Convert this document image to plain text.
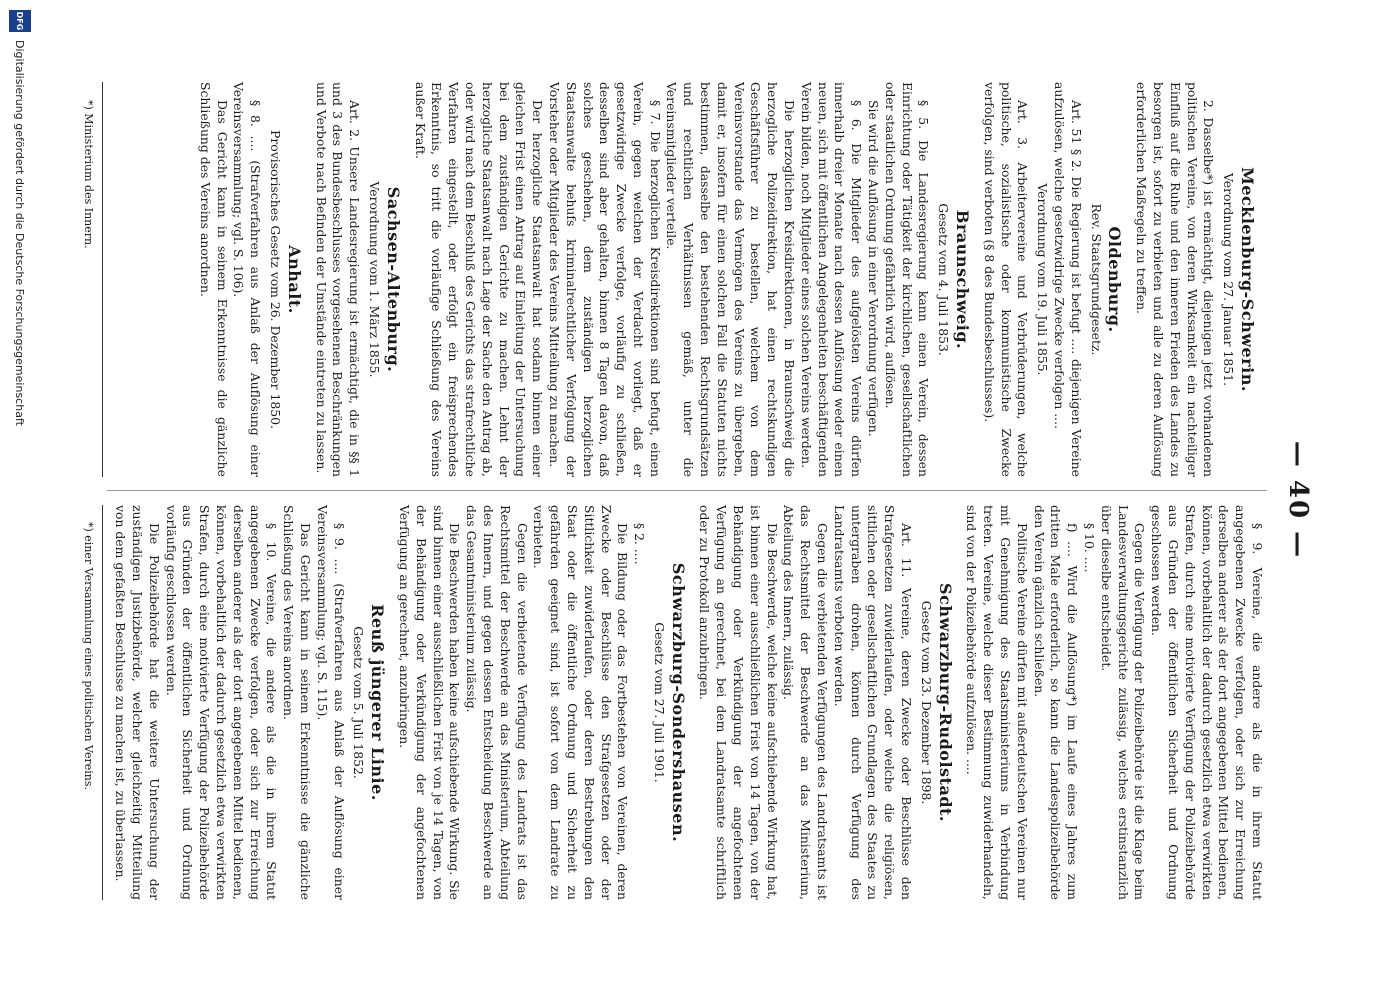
— 40 —
Mecklenburg-Schwerin.
Verordnung vom 27. Januar 1851.
2. Dasselbe*) ist ermächtigt, diejenigen jetzt vorhandenen politischen Vereine, von deren Wirksamkeit ein nachteiliger Einfluß auf die Ruhe und den inneren Frieden des Landes zu besorgen ist, sofort zu verbieten und alle zu deren Auflösung erforderlichen Maßregeln zu treffen.
Oldenburg.
Rev. Staatsgrundgesetz.
Art. 51 § 2. Die Regierung ist befugt .... diejenigen Vereine aufzulösen, welche gesetzwidrige Zwecke verfolgen ....
Verordnung vom 19. Juli 1855.
Art. 3. Arbeitervereine und Verbrüderungen, welche politische, sozialistische oder kommunistische Zwecke verfolgen, sind verboten (§ 8 des Bundesbeschlusses).
Braunschweig.
Gesetz vom 4. Juli 1853.
§ 5. Die Landesregierung kann einen Verein, dessen Einrichtung oder Tätigkeit der kirchlichen, gesellschaftlichen oder staatlichen Ordnung gefährlich wird, auflösen.
Sie wird die Auflösung in einer Verordnung verfügen.
§ 6. Die Mitglieder des aufgelösten Vereins dürfen innerhalb dreier Monate nach dessen Auflösung weder einen neuen, sich mit öffentlichen Angelegenheiten beschäftigenden Verein bilden, noch Mitglieder eines solchen Vereins werden.
Die herzoglichen Kreisdirektionen, in Braunschweig die herzogliche Polizeidirektion, hat einen rechtskundigen Geschäftsführer zu bestellen, welchem von dem Vereinsvorstande das Vermögen des Vereins zu übergeben, damit er, insofern für einen solchen Fall die Statuten nichts bestimmen, dasselbe den bestehenden Rechtsgrundsätzen und rechtlichen Verhältnissen gemäß, unter die Vereinsmitglieder verteile.
§ 7. Die herzoglichen Kreisdirektionen sind befugt, einen Verein, gegen welchen der Verdacht vorliegt, daß er gesetzwidrige Zwecke verfolge, vorläufig zu schließen, desselben sind aber gehalten, binnen 8 Tagen davon, daß solches geschehen, dem zuständigen herzoglichen Staatsanwalte behufs kriminalrechtlicher Verfolgung der Vorsteher oder Mitglieder des Vereins Mitteilung zu machen.
Der herzogliche Staatsanwalt hat sodann binnen einer gleichen Frist einen Antrag auf Einleitung der Untersuchung bei dem zuständigen Gerichte zu machen. Lehnt der herzogliche Staatsanwalt nach Lage der Sache den Antrag ab, oder wird nach dem Beschluß des Gerichts das strafrechtliche Verfahren eingestellt, oder erfolgt ein freisprechendes Erkenntnis, so tritt die vorläufige Schließung des Vereins außer Kraft.
Sachsen-Altenburg.
Verordnung vom 1. März 1855.
Art. 2. Unsere Landesregierung ist ermächtigt, die in §§ 1 und 3 des Bundesbeschlusses vorgesehenen Beschränkungen und Verbote nach Befinden der Umstände eintreten zu lassen.
Anhalt.
Provisorisches Gesetz vom 26. Dezember 1850.
§ 8. .... (Strafverfahren aus Anlaß der Auflösung einer Vereinsversammlung; vgl. S. 106).
Das Gericht kann in seinem Erkenntnisse die gänzliche Schließung des Vereins anordnen.
§ 9. Vereine, die andere als die in ihrem Statut angegebenen Zwecke verfolgen, oder sich zur Erreichung derselben anderer als der dort angegebenen Mittel bedienen, können, vorbehaltlich der dadurch gesetzlich etwa verwirkten Strafen, durch eine motivierte Verfügung der Polizeibehörde aus Gründen der öffentlichen Sicherheit und Ordnung geschlossen werden.
Gegen die Verfügung der Polizeibehörde ist die Klage beim Landesverwaltungsgerichte zulässig, welches erstinstanzlich über dieselbe entscheidet.
§ 10. ....
f) .... Wird die Auflösung*) im Laufe eines Jahres zum dritten Male erforderlich, so kann die Landespolizeibehörde den Verein gänzlich schließen.
Politische Vereine dürfen mit außerdeutschen Vereinen nur mit Genehmigung des Staatsministeriums in Verbindung treten. Vereine, welche dieser Bestimmung zuwiderhandeln, sind von der Polizeibehörde aufzulösen. ....
Schwarzburg-Rudolstadt.
Gesetz vom 23. Dezember 1898.
Art. 11. Vereine, deren Zwecke oder Beschlüsse den Strafgesetzen zuwiderlaufen, oder welche die religiösen, sittlichen oder gesellschaftlichen Grundlagen des Staates zu untergraben drohen, können durch Verfügung des Landratsamts verboten werden.
Gegen die verbietenden Verfügungen des Landratsamts ist das Rechtsmittel der Beschwerde an das Ministerium, Abteilung des Innern, zulässig.
Die Beschwerde, welche keine aufschiebende Wirkung hat, ist binnen einer ausschließlichen Frist von 14 Tagen, von der Behändigung oder Verkündigung der angefochtenen Verfügung an gerechnet, bei dem Landratsamte schriftlich oder zu Protokoll anzubringen.
Schwarzburg-Sondershausen.
Gesetz vom 27. Juli 1901.
§ 2. ....
Die Bildung oder das Fortbestehen von Vereinen, deren Zwecke oder Beschlüsse den Strafgesetzen oder der Sittlichkeit zuwiderlaufen, oder deren Bestrebungen den Staat oder die öffentliche Ordnung und Sicherheit zu gefährden geeignet sind, ist sofort von dem Landrate zu verbieten.
Gegen die verbietende Verfügung des Landrats ist das Rechtsmittel der Beschwerde an das Ministerium, Abteilung des Innern, und gegen dessen Entscheidung Beschwerde an das Gesamtministerium zulässig.
Die Beschwerden haben keine aufschiebende Wirkung. Sie sind binnen einer ausschließlichen Frist von je 14 Tagen, von der Behändigung oder Verkündigung der angefochtenen Verfügung an gerechnet, anzubringen.
Reuß jüngerer Linie.
Gesetz vom 5. Juli 1852.
§ 9. .... (Strafverfahren aus Anlaß der Auflösung einer Vereinsversammlung; vgl. S. 115).
Das Gericht kann in seinem Erkenntnisse die gänzliche Schließung des Vereins anordnen.
§ 10. Vereine, die andere als die in ihrem Statut angegebenen Zwecke verfolgen, oder sich zur Erreichung derselben anderer als der dort angegebenen Mittel bedienen, können, vorbehaltlich der dadurch gesetzlich etwa verwirkten Strafen, durch eine motivierte Verfügung der Polizeibehörde aus Gründen der öffentlichen Sicherheit und Ordnung vorläufig geschlossen werden.
Die Polizeibehörde hat die weitere Untersuchung der zuständigen Justizbehörde, welcher gleichzeitig Mitteilung von dem gefaßten Beschlusse zu machen ist, zu überlassen.
*) Ministerium des Innern.
*) einer Versammlung eines politischen Vereins.
DFG
Digitalisierung gefördert durch die Deutsche Forschungsgemeinschaft
